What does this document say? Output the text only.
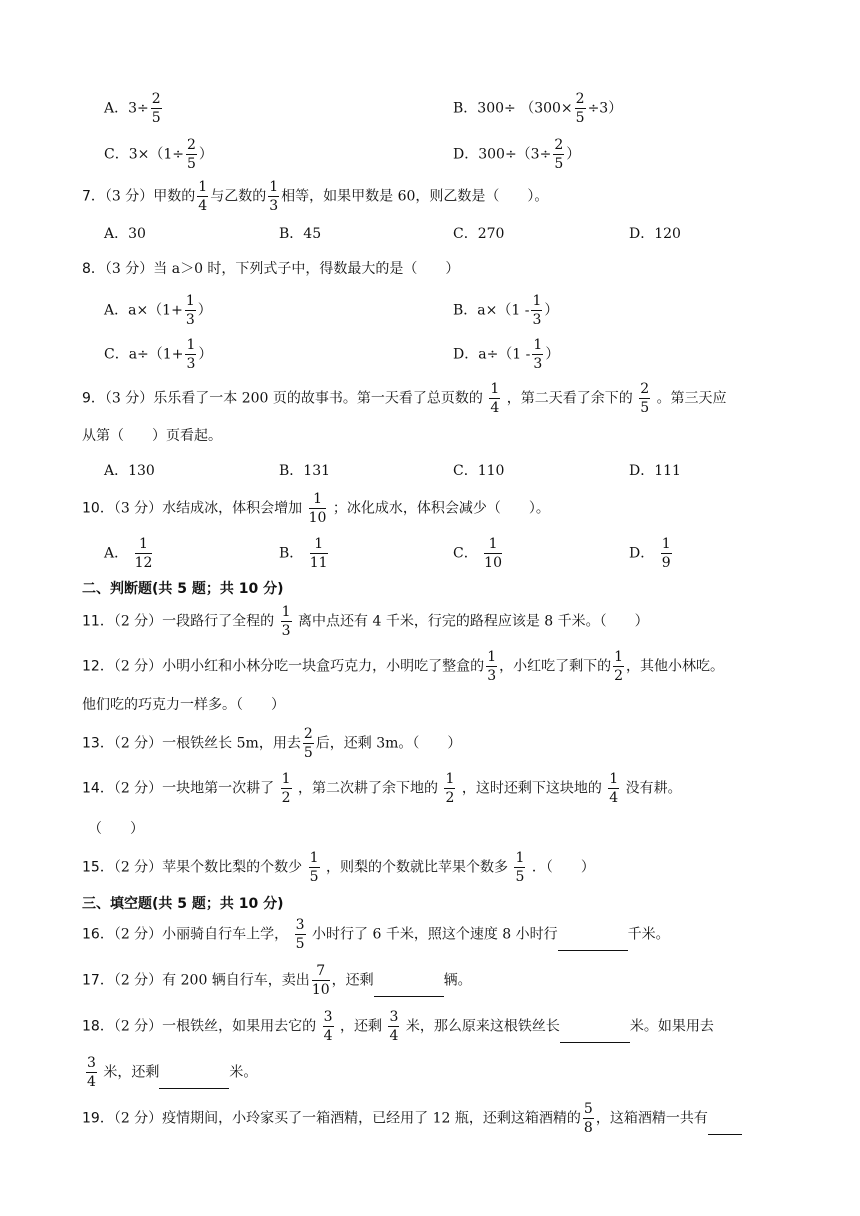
A．$3\div \frac{2}{5}$	B．$300\div (300\times \frac{2}{5} \div 3)$
C．$3\times(1\div \frac{2}{5}$ ）	D．$300\div(3\div \frac{2}{5}$ ）
7．（3 分）甲数的 $\frac{1}{4}$ 与乙数的 $\frac{1}{3}$ 相等，如果甲数是 60，则乙数是（　　）。
A．30	B．45	C．270	D．120
8．（3 分）当 a＞0 时，下列式子中，得数最大的是（　　）
A．$a\times(1+ \frac{1}{3}$ ）	B．$a\times(1 - \frac{1}{3}$ ）
C．$a\div(1+ \frac{1}{3}$ ）	D．$a\div(1 - \frac{1}{3}$ ）
9．（3 分）乐乐看了一本 200 页的故事书。第一天看了总页数的 $\frac{1}{4}$ ，第二天看了余下的 $\frac{2}{5}$ 。第三天应
从第（　　）页看起。
A．130	B．131	C．110	D．111
10．（3 分）水结成冰，体积会增加 $\frac{1}{10}$ ；冰化成水，体积会减少（　　）。
A． $\frac{1}{12}$	B． $\frac{1}{11}$	C． $\frac{1}{10}$	D． $\frac{1}{9}$
二、判断题(共 5 题；共 10 分)
11．（2 分）一段路行了全程的 $\frac{1}{3}$ 离中点还有 4 千米，行完的路程应该是 8 千米。（　　）
12．（2 分）小明小红和小林分吃一块盒巧克力，小明吃了整盒的 $\frac{1}{3}$ ，小红吃了剩下的 $\frac{1}{2}$ ，其他小林吃。
他们吃的巧克力一样多。（　　）
13．（2 分）一根铁丝长 5m，用去 $\frac{2}{5}$ 后，还剩 3m。（　　）
14．（2 分）一块地第一次耕了 $\frac{1}{2}$ ，第二次耕了余下地的 $\frac{1}{2}$ ，这时还剩下这块地的 $\frac{1}{4}$ 没有耕。
（　　）
15．（2 分）苹果个数比梨的个数少 $\frac{1}{5}$ ，则梨的个数就比苹果个数多 $\frac{1}{5}$ ．（　　）
三、填空题(共 5 题；共 10 分)
16．（2 分）小丽骑自行车上学， $\frac{3}{5}$ 小时行了 6 千米，照这个速度 8 小时行	千米。
17．（2 分）有 200 辆自行车，卖出 $\frac{7}{10}$ ，还剩	辆。
18．（2 分）一根铁丝，如果用去它的 $\frac{3}{4}$ ，还剩 $\frac{3}{4}$ 米，那么原来这根铁丝长	米。如果用去
$\frac{3}{4}$ 米，还剩	米。
19．（2 分）疫情期间，小玲家买了一箱酒精，已经用了 12 瓶，还剩这箱酒精的 $\frac{5}{8}$ ，这箱酒精一共有
